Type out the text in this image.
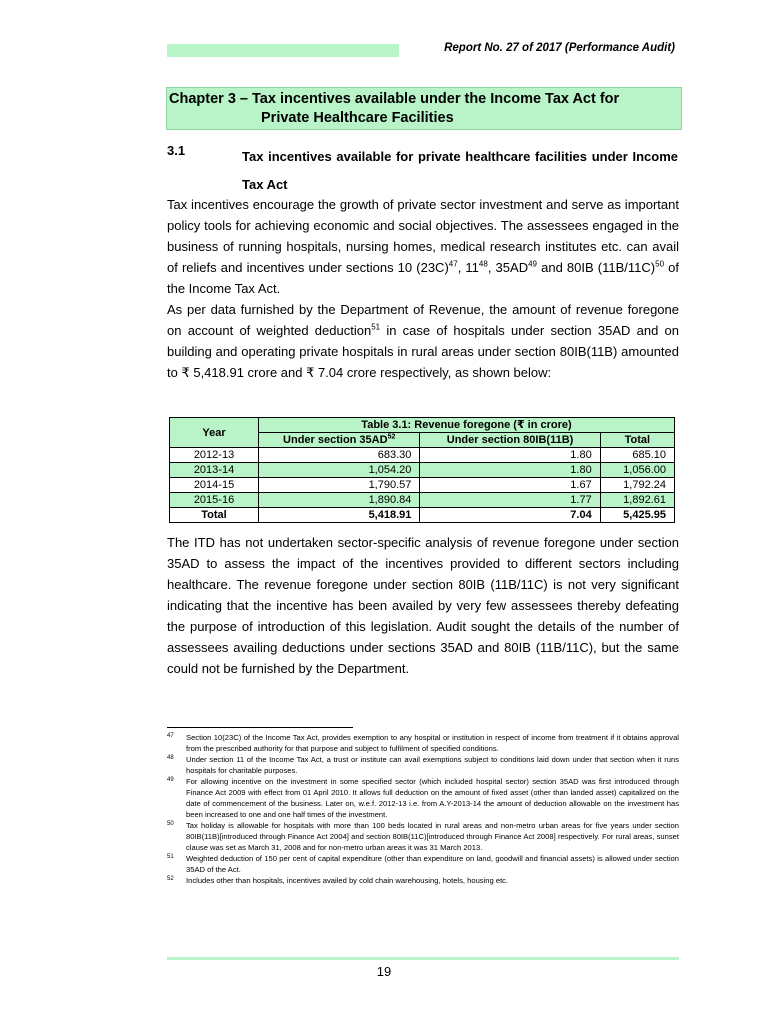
Report No. 27 of 2017 (Performance Audit)
Chapter 3 – Tax incentives available under the Income Tax Act for
Private Healthcare Facilities
3.1	Tax incentives available for private healthcare facilities under Income Tax Act
Tax incentives encourage the growth of private sector investment and serve as important policy tools for achieving economic and social objectives. The assessees engaged in the business of running hospitals, nursing homes, medical research institutes etc. can avail of reliefs and incentives under sections 10 $(23C)^{47}$, $11^{48}$, 35AD$^{49}$ and 80IB $(11B/11C)^{50}$ of the Income Tax Act.
As per data furnished by the Department of Revenue, the amount of revenue foregone on account of weighted deduction$^{51}$ in case of hospitals under section 35AD and on building and operating private hospitals in rural areas under section 80IB(11B) amounted to ₹ 5,418.91 crore and ₹ 7.04 crore respectively, as shown below:
Year	Table 3.1: Revenue foregone (₹ in crore)		
	Under section 35AD$^{52}$	Under section 80IB(11B)	Total
2012-13	683.30	1.80	685.10
2013-14	1,054.20	1.80	1,056.00
2014-15	1,790.57	1.67	1,792.24
2015-16	1,890.84	1.77	1,892.61
Total	5,418.91	7.04	5,425.95
The ITD has not undertaken sector-specific analysis of revenue foregone under section 35AD to assess the impact of the incentives provided to different sectors including healthcare. The revenue foregone under section 80IB (11B/11C) is not very significant indicating that the incentive has been availed by very few assessees thereby defeating the purpose of introduction of this legislation. Audit sought the details of the number of assessees availing deductions under sections 35AD and 80IB (11B/11C), but the same could not be furnished by the Department.
47	Section 10(23C) of the Income Tax Act, provides exemption to any hospital or institution in respect of income from treatment if it obtains approval from the prescribed authority for that purpose and subject to fulfilment of specified conditions.
48	Under section 11 of the Income Tax Act, a trust or institute can avail exemptions subject to conditions laid down under that section when it runs hospitals for charitable purposes.
49	For allowing incentive on the investment in some specified sector (which included hospital sector) section 35AD was first introduced through Finance Act 2009 with effect from 01 April 2010. It allows full deduction on the amount of fixed asset (other than landed asset) capitalized on the date of commencement of the business. Later on, w.e.f. 2012-13 i.e. from A.Y-2013-14 the amount of deduction allowable on the investment has been increased to one and one half times of the investment.
50	Tax holiday is allowable for hospitals with more than 100 beds located in rural areas and non-metro urban areas for five years under section 80IB(11B)[introduced through Finance Act 2004] and section 80IB(11C)[introduced through Finance Act 2008] respectively. For rural areas, sunset clause was set as March 31, 2008 and for non-metro urban areas it was 31 March 2013.
51	Weighted deduction of 150 per cent of capital expenditure (other than expenditure on land, goodwill and financial assets) is allowed under section 35AD of the Act.
52	Includes other than hospitals, incentives availed by cold chain warehousing, hotels, housing etc.
19
